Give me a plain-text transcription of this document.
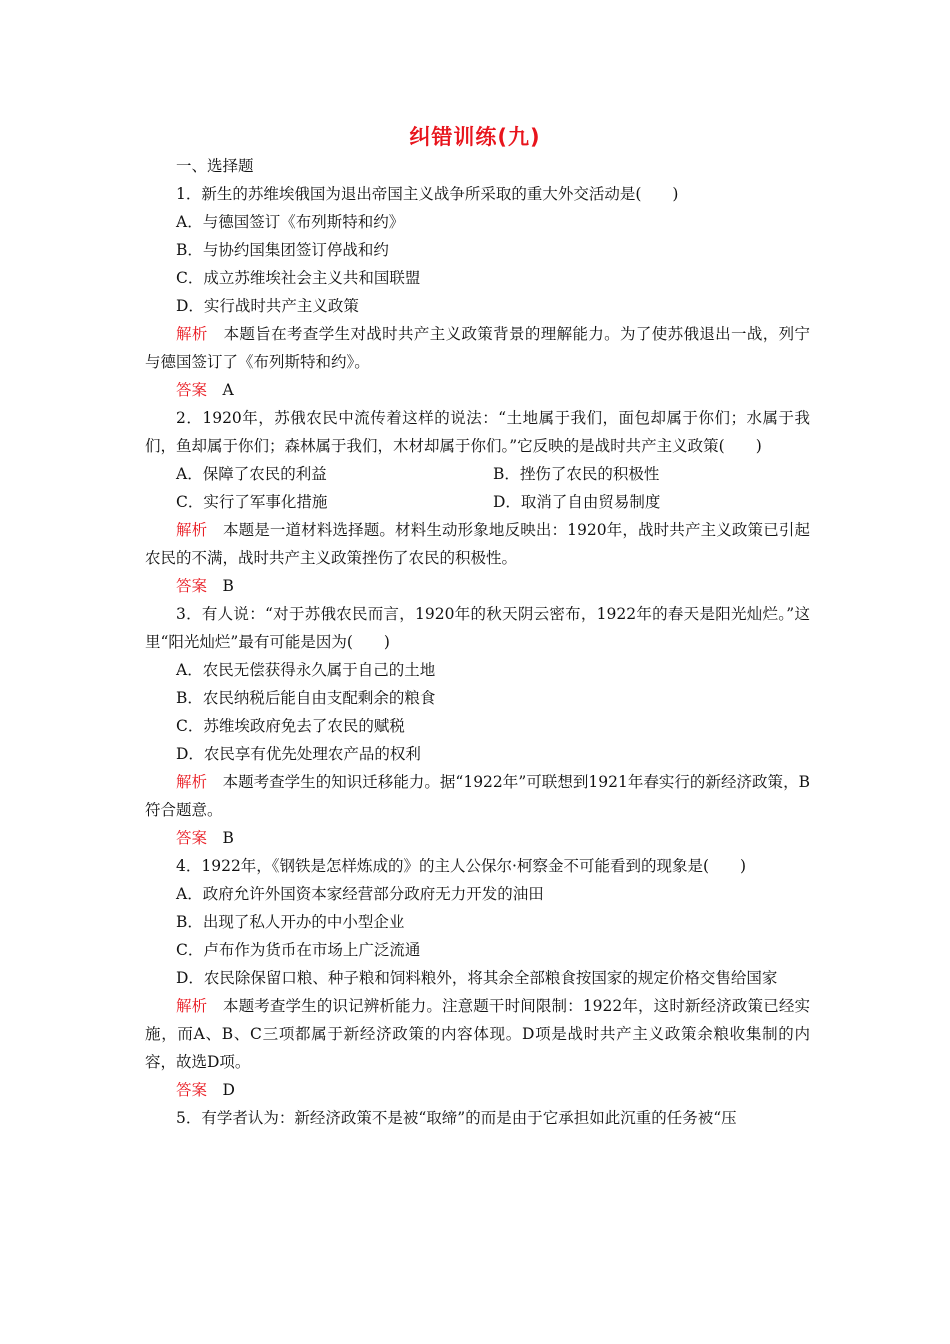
纠错训练(九)

一、选择题

1．新生的苏维埃俄国为退出帝国主义战争所采取的重大外交活动是(　　)

A．与德国签订《布列斯特和约》

B．与协约国集团签订停战和约

C．成立苏维埃社会主义共和国联盟

D．实行战时共产主义政策

解析　本题旨在考查学生对战时共产主义政策背景的理解能力。为了使苏俄退出一战，列宁与德国签订了《布列斯特和约》。

答案　A

2．1920年，苏俄农民中流传着这样的说法：“土地属于我们，面包却属于你们；水属于我们，鱼却属于你们；森林属于我们，木材却属于你们。”它反映的是战时共产主义政策(　　)

A．保障了农民的利益	B．挫伤了农民的积极性
C．实行了军事化措施	D．取消了自由贸易制度

解析　本题是一道材料选择题。材料生动形象地反映出：1920年，战时共产主义政策已引起农民的不满，战时共产主义政策挫伤了农民的积极性。

答案　B

3．有人说：“对于苏俄农民而言，1920年的秋天阴云密布，1922年的春天是阳光灿烂。”这里“阳光灿烂”最有可能是因为(　　)

A．农民无偿获得永久属于自己的土地

B．农民纳税后能自由支配剩余的粮食

C．苏维埃政府免去了农民的赋税

D．农民享有优先处理农产品的权利

解析　本题考查学生的知识迁移能力。据“1922年”可联想到1921年春实行的新经济政策，B符合题意。

答案　B

4．1922年，《钢铁是怎样炼成的》的主人公保尔·柯察金不可能看到的现象是(　　)

A．政府允许外国资本家经营部分政府无力开发的油田

B．出现了私人开办的中小型企业

C．卢布作为货币在市场上广泛流通

D．农民除保留口粮、种子粮和饲料粮外，将其余全部粮食按国家的规定价格交售给国家

解析　本题考查学生的识记辨析能力。注意题干时间限制：1922年，这时新经济政策已经实施，而A、B、C三项都属于新经济政策的内容体现。D项是战时共产主义政策余粮收集制的内容，故选D项。

答案　D

5．有学者认为：新经济政策不是被“取缔”的而是由于它承担如此沉重的任务被“压
